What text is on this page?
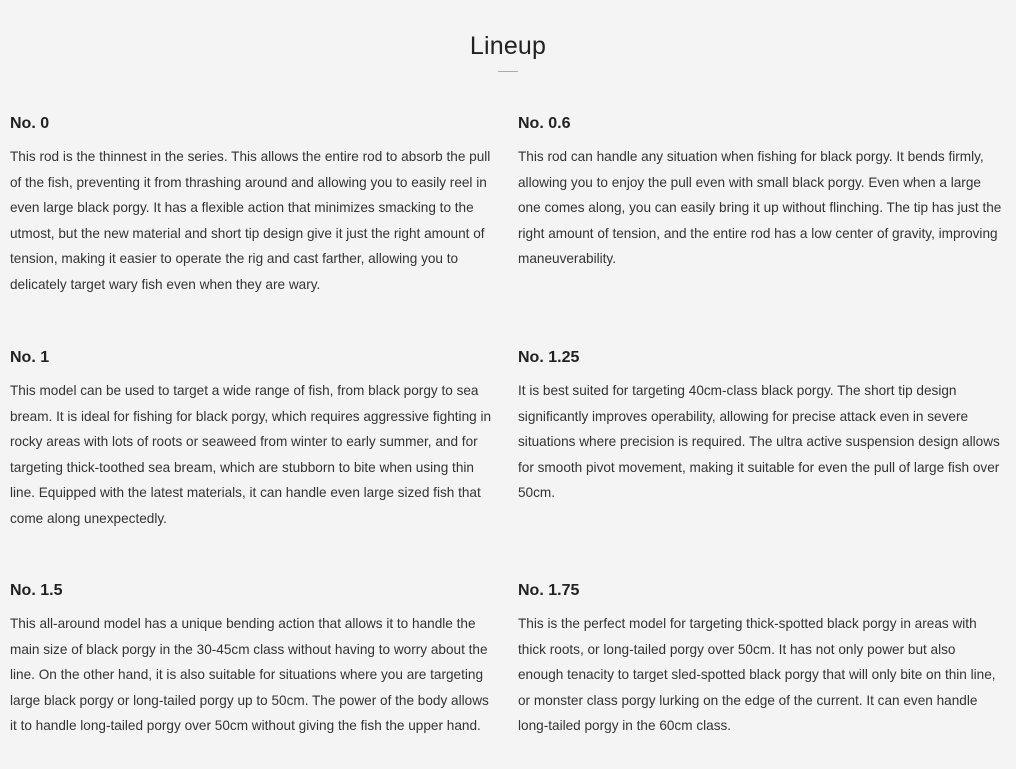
Lineup
No. 0

This rod is the thinnest in the series. This allows the entire rod to absorb the pull of the fish, preventing it from thrashing around and allowing you to easily reel in even large black porgy. It has a flexible action that minimizes smacking to the utmost, but the new material and short tip design give it just the right amount of tension, making it easier to operate the rig and cast farther, allowing you to delicately target wary fish even when they are wary.

No. 0.6

This rod can handle any situation when fishing for black porgy. It bends firmly, allowing you to enjoy the pull even with small black porgy. Even when a large one comes along, you can easily bring it up without flinching. The tip has just the right amount of tension, and the entire rod has a low center of gravity, improving maneuverability.

No. 1

This model can be used to target a wide range of fish, from black porgy to sea bream. It is ideal for fishing for black porgy, which requires aggressive fighting in rocky areas with lots of roots or seaweed from winter to early summer, and for targeting thick-toothed sea bream, which are stubborn to bite when using thin line. Equipped with the latest materials, it can handle even large sized fish that come along unexpectedly.

No. 1.25

It is best suited for targeting 40cm-class black porgy. The short tip design significantly improves operability, allowing for precise attack even in severe situations where precision is required. The ultra active suspension design allows for smooth pivot movement, making it suitable for even the pull of large fish over 50cm.

No. 1.5

This all-around model has a unique bending action that allows it to handle the main size of black porgy in the 30-45cm class without having to worry about the line. On the other hand, it is also suitable for situations where you are targeting large black porgy or long-tailed porgy up to 50cm. The power of the body allows it to handle long-tailed porgy over 50cm without giving the fish the upper hand.

No. 1.75

This is the perfect model for targeting thick-spotted black porgy in areas with thick roots, or long-tailed porgy over 50cm. It has not only power but also enough tenacity to target sled-spotted black porgy that will only bite on thin line, or monster class porgy lurking on the edge of the current. It can even handle long-tailed porgy in the 60cm class.
